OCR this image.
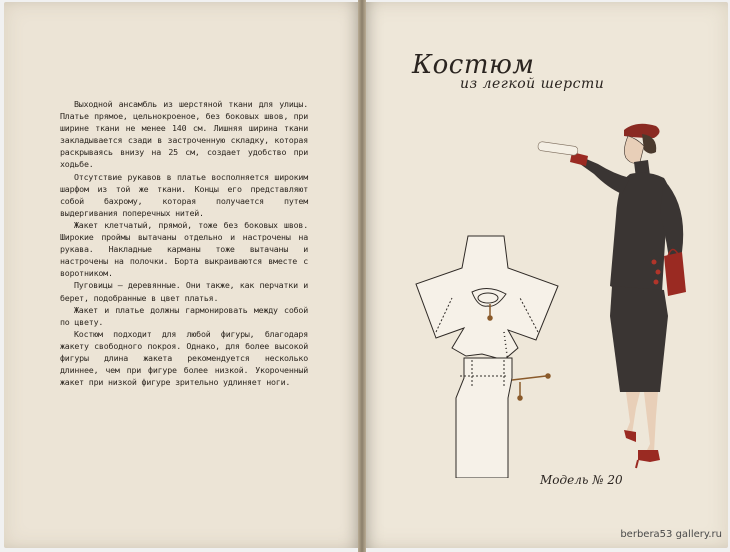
Выходной ансамбль из шерстяной ткани для улицы. Платье прямое, цельнокроеное, без боковых швов, при ширине ткани не менее 140 см. Лишняя ширина ткани закладывается сзади в застроченную складку, которая раскрываясь внизу на 25 см, создает удобство при ходьбе.

Отсутствие рукавов в платье восполняется широким шарфом из той же ткани. Концы его представляют собой бахрому, которая получается путем выдергивания поперечных нитей.

Жакет клетчатый, прямой, тоже без боковых швов. Широкие проймы вытачаны отдельно и настрочены на рукава. Накладные карманы тоже вытачаны и настрочены на полочки. Борта выкраиваются вместе с воротником.

Пуговицы — деревянные. Они также, как перчатки и берет, подобранные в цвет платья.

Жакет и платье должны гармонировать между собой по цвету.

Костюм подходит для любой фигуры, благодаря жакету свободного покроя. Однако, для более высокой фигуры длина жакета рекомендуется несколько длиннее, чем при фигуре более низкой. Укороченный жакет при низкой фигуре зрительно удлиняет ноги.

Костюм
из легкой шерсти
Модель № 20
berbera53 gallery.ru
